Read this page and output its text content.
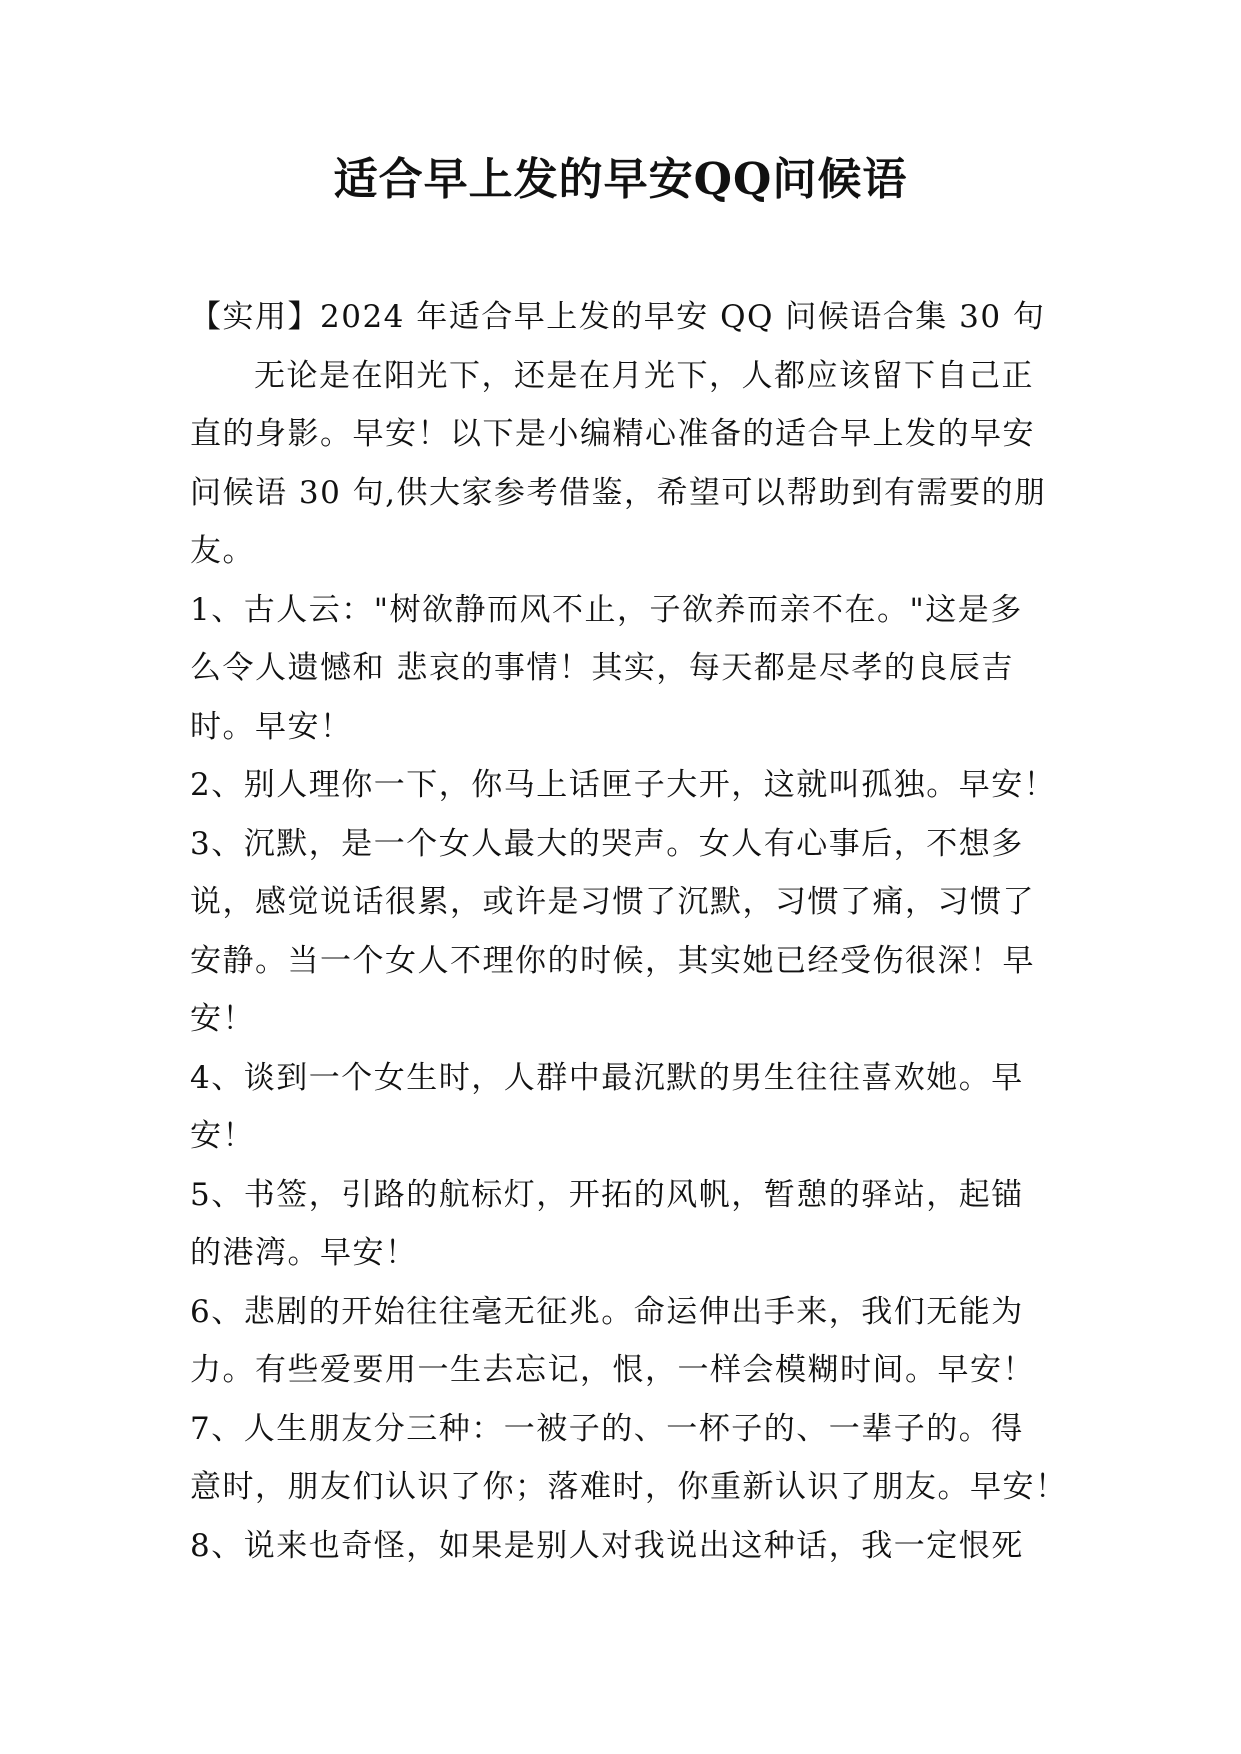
适合早上发的早安QQ问候语
【实用】2024 年适合早上发的早安 QQ 问候语合集 30 句
无论是在阳光下，还是在月光下，人都应该留下自己正
直的身影。早安！以下是小编精心准备的适合早上发的早安
问候语 30 句,供大家参考借鉴，希望可以帮助到有需要的朋
友。
1、古人云："树欲静而风不止，子欲养而亲不在。"这是多
么令人遗憾和 悲哀的事情！其实，每天都是尽孝的良辰吉
时。早安！
2、别人理你一下，你马上话匣子大开，这就叫孤独。早安！
3、沉默，是一个女人最大的哭声。女人有心事后，不想多
说，感觉说话很累，或许是习惯了沉默，习惯了痛，习惯了
安静。当一个女人不理你的时候，其实她已经受伤很深！早
安！
4、谈到一个女生时，人群中最沉默的男生往往喜欢她。早
安！
5、书签，引路的航标灯，开拓的风帆，暂憩的驿站，起锚
的港湾。早安！
6、悲剧的开始往往毫无征兆。命运伸出手来，我们无能为
力。有些爱要用一生去忘记，恨，一样会模糊时间。早安！
7、人生朋友分三种：一被子的、一杯子的、一辈子的。得
意时，朋友们认识了你；落难时，你重新认识了朋友。早安！
8、说来也奇怪，如果是别人对我说出这种话，我一定恨死
